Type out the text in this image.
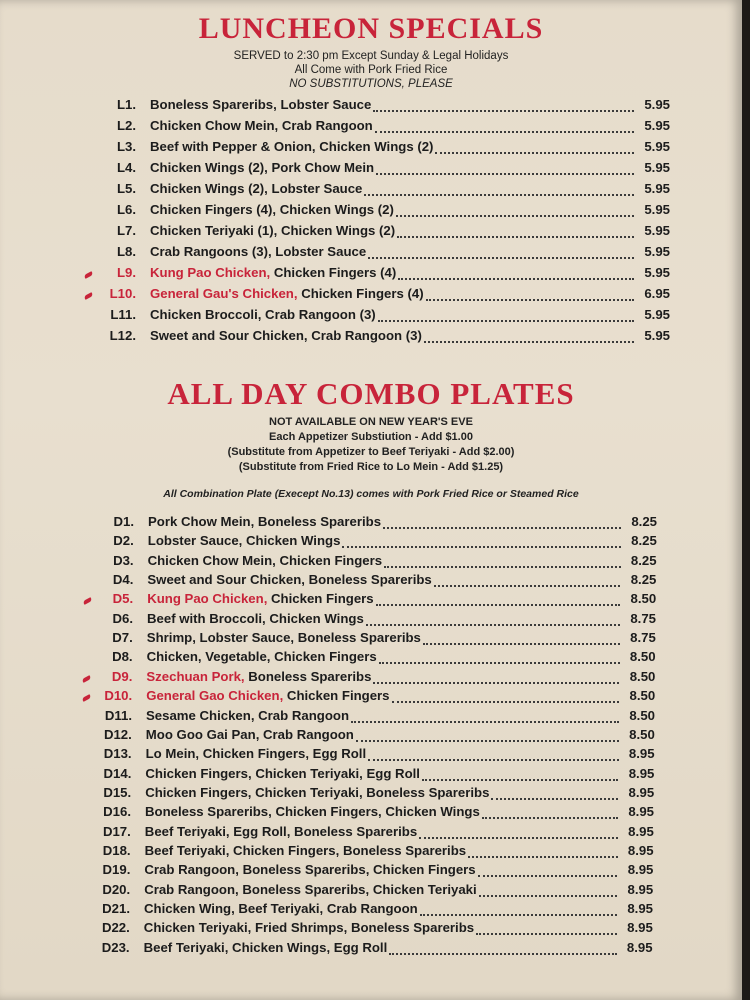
LUNCHEON SPECIALS
SERVED to 2:30 pm Except Sunday & Legal Holidays
All Come with Pork Fried Rice
NO SUBSTITUTIONS, PLEASE
L1.	Boneless Spareribs, Lobster Sauce	5.95
L2.	Chicken Chow Mein, Crab Rangoon	5.95
L3.	Beef with Pepper & Onion, Chicken Wings (2)	5.95
L4.	Chicken Wings (2), Pork Chow Mein	5.95
L5.	Chicken Wings (2), Lobster Sauce	5.95
L6.	Chicken Fingers (4), Chicken Wings (2)	5.95
L7.	Chicken Teriyaki (1), Chicken Wings (2)	5.95
L8.	Crab Rangoons (3), Lobster Sauce	5.95
L9.	Kung Pao Chicken, Chicken Fingers (4)	5.95
L10.	General Gau's Chicken, Chicken Fingers (4)	6.95
L11.	Chicken Broccoli, Crab Rangoon (3)	5.95
L12.	Sweet and Sour Chicken, Crab Rangoon (3)	5.95
ALL DAY COMBO PLATES
NOT AVAILABLE ON NEW YEAR'S EVE
Each Appetizer Substiution - Add $1.00
(Substitute from Appetizer to Beef Teriyaki - Add $2.00)
(Substitute from Fried Rice to Lo Mein - Add $1.25)
All Combination Plate (Execept No.13) comes with Pork Fried Rice or Steamed Rice
D1.	Pork Chow Mein, Boneless Spareribs	8.25
D2.	Lobster Sauce, Chicken Wings	8.25
D3.	Chicken Chow Mein, Chicken Fingers	8.25
D4.	Sweet and Sour Chicken, Boneless Spareribs	8.25
D5.	Kung Pao Chicken, Chicken Fingers	8.50
D6.	Beef with Broccoli, Chicken Wings	8.75
D7.	Shrimp, Lobster Sauce, Boneless Spareribs	8.75
D8.	Chicken, Vegetable, Chicken Fingers	8.50
D9.	Szechuan Pork, Boneless Spareribs	8.50
D10.	General Gao Chicken, Chicken Fingers	8.50
D11.	Sesame Chicken, Crab Rangoon	8.50
D12.	Moo Goo Gai Pan, Crab Rangoon	8.50
D13.	Lo Mein, Chicken Fingers, Egg Roll	8.95
D14.	Chicken Fingers, Chicken Teriyaki, Egg Roll	8.95
D15.	Chicken Fingers, Chicken Teriyaki, Boneless Spareribs	8.95
D16.	Boneless Spareribs, Chicken Fingers, Chicken Wings	8.95
D17.	Beef Teriyaki, Egg Roll, Boneless Spareribs	8.95
D18.	Beef Teriyaki, Chicken Fingers, Boneless Spareribs	8.95
D19.	Crab Rangoon, Boneless Spareribs, Chicken Fingers	8.95
D20.	Crab Rangoon, Boneless Spareribs, Chicken Teriyaki	8.95
D21.	Chicken Wing, Beef Teriyaki, Crab Rangoon	8.95
D22.	Chicken Teriyaki, Fried Shrimps, Boneless Spareribs	8.95
D23.	Beef Teriyaki, Chicken Wings, Egg Roll	8.95
